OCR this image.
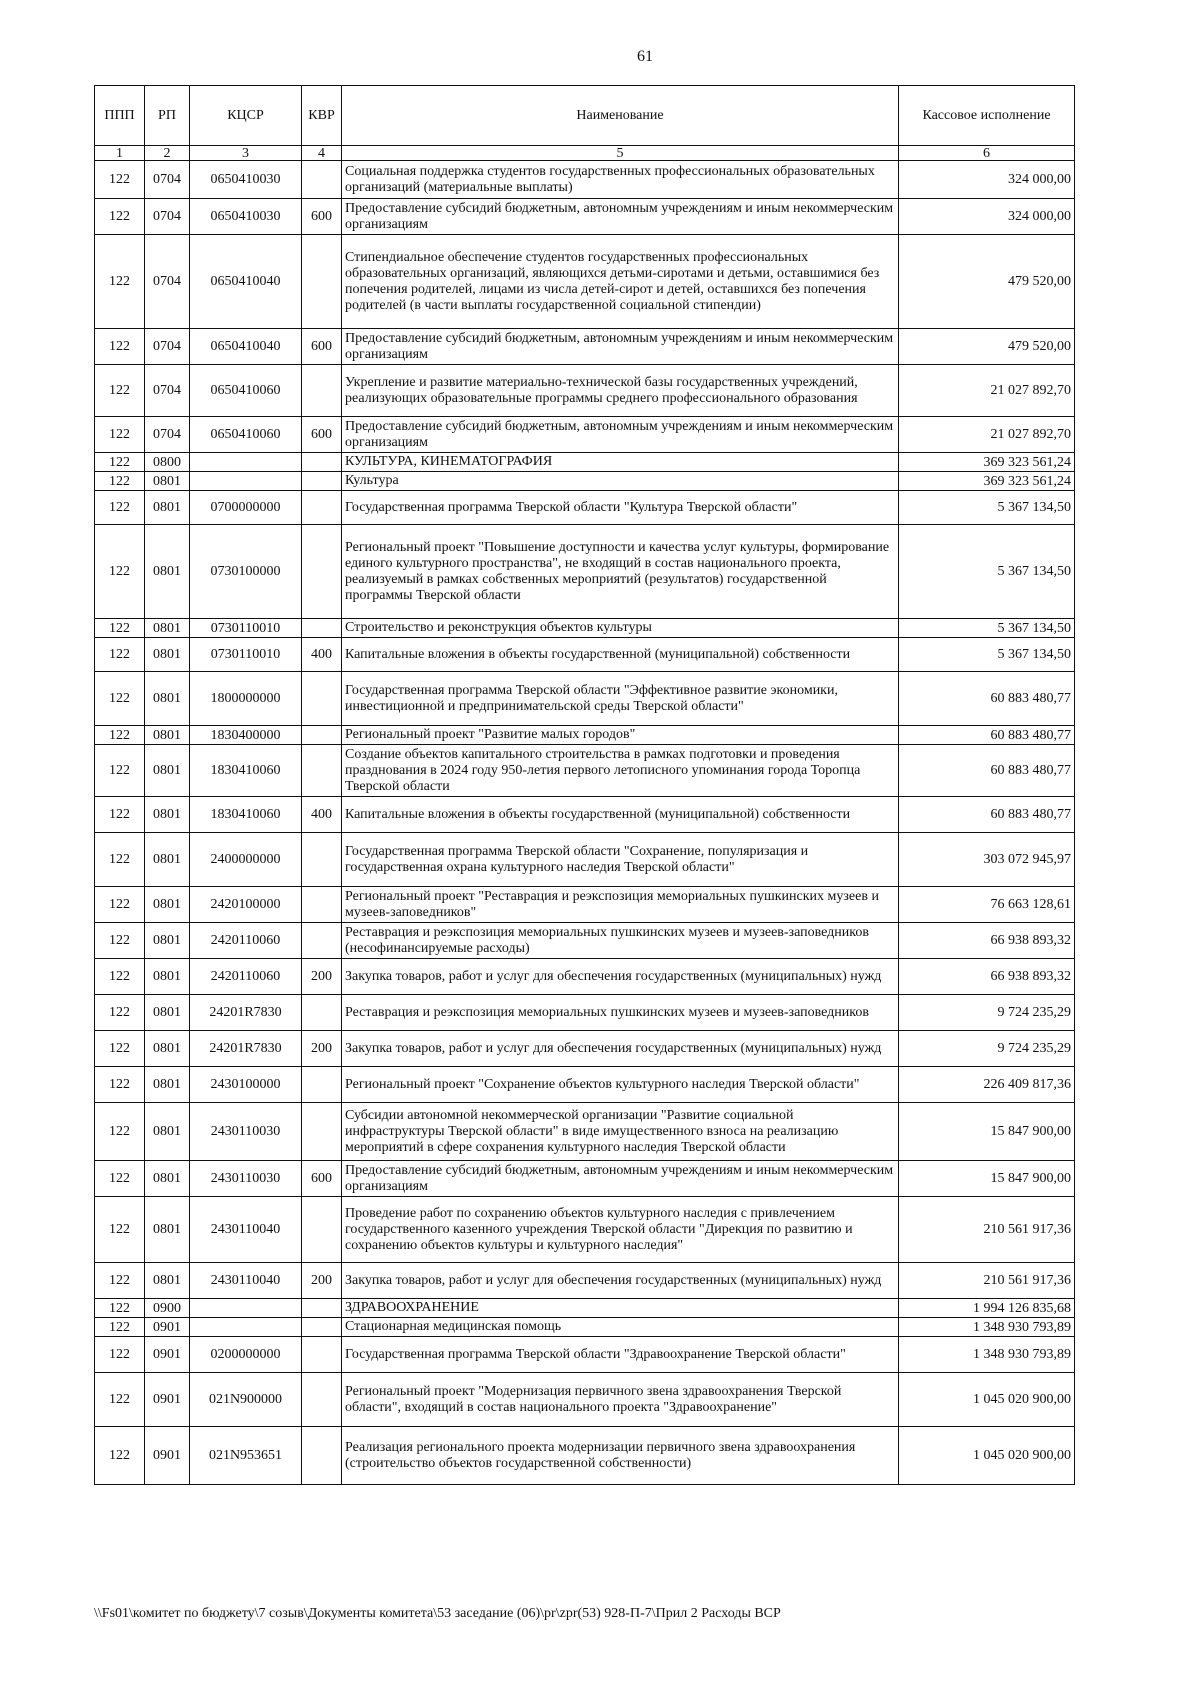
61
ППП	РП	КЦСР	КВР	Наименование	Кассовое исполнение
1	2	3	4	5	6
122	0704	0650410030		Социальная поддержка студентов государственных профессиональных образовательных организаций (материальные выплаты)	324 000,00
122	0704	0650410030	600	Предоставление субсидий бюджетным, автономным учреждениям и иным некоммерческим организациям	324 000,00
122	0704	0650410040		Стипендиальное обеспечение студентов государственных профессиональных образовательных организаций, являющихся детьми-сиротами и детьми, оставшимися без попечения родителей, лицами из числа детей-сирот и детей, оставшихся без попечения родителей (в части выплаты государственной социальной стипендии)	479 520,00
122	0704	0650410040	600	Предоставление субсидий бюджетным, автономным учреждениям и иным некоммерческим организациям	479 520,00
122	0704	0650410060		Укрепление и развитие материально-технической базы государственных учреждений, реализующих образовательные программы среднего профессионального образования	21 027 892,70
122	0704	0650410060	600	Предоставление субсидий бюджетным, автономным учреждениям и иным некоммерческим организациям	21 027 892,70
122	0800			КУЛЬТУРА, КИНЕМАТОГРАФИЯ	369 323 561,24
122	0801			Культура	369 323 561,24
122	0801	0700000000		Государственная программа Тверской области "Культура Тверской области"	5 367 134,50
122	0801	0730100000		Региональный проект "Повышение доступности и качества услуг культуры, формирование единого культурного пространства", не входящий в состав национального проекта, реализуемый в рамках собственных мероприятий (результатов) государственной программы Тверской области	5 367 134,50
122	0801	0730110010		Строительство и реконструкция объектов культуры	5 367 134,50
122	0801	0730110010	400	Капитальные вложения в объекты государственной (муниципальной) собственности	5 367 134,50
122	0801	1800000000		Государственная программа Тверской области "Эффективное развитие экономики, инвестиционной и предпринимательской среды Тверской области"	60 883 480,77
122	0801	1830400000		Региональный проект "Развитие малых городов"	60 883 480,77
122	0801	1830410060		Создание объектов капитального строительства в рамках подготовки и проведения празднования в 2024 году 950-летия первого летописного упоминания города Торопца Тверской области	60 883 480,77
122	0801	1830410060	400	Капитальные вложения в объекты государственной (муниципальной) собственности	60 883 480,77
122	0801	2400000000		Государственная программа Тверской области "Сохранение, популяризация и государственная охрана культурного наследия Тверской области"	303 072 945,97
122	0801	2420100000		Региональный проект "Реставрация и реэкспозиция мемориальных пушкинских музеев и музеев-заповедников"	76 663 128,61
122	0801	2420110060		Реставрация и реэкспозиция мемориальных пушкинских музеев и музеев-заповедников (несофинансируемые расходы)	66 938 893,32
122	0801	2420110060	200	Закупка товаров, работ и услуг для обеспечения государственных (муниципальных) нужд	66 938 893,32
122	0801	24201R7830		Реставрация и реэкспозиция мемориальных пушкинских музеев и музеев-заповедников	9 724 235,29
122	0801	24201R7830	200	Закупка товаров, работ и услуг для обеспечения государственных (муниципальных) нужд	9 724 235,29
122	0801	2430100000		Региональный проект "Сохранение объектов культурного наследия Тверской области"	226 409 817,36
122	0801	2430110030		Субсидии автономной некоммерческой организации "Развитие социальной инфраструктуры Тверской области" в виде имущественного взноса на реализацию мероприятий в сфере сохранения культурного наследия Тверской области	15 847 900,00
122	0801	2430110030	600	Предоставление субсидий бюджетным, автономным учреждениям и иным некоммерческим организациям	15 847 900,00
122	0801	2430110040		Проведение работ по сохранению объектов культурного наследия с привлечением государственного казенного учреждения Тверской области "Дирекция по развитию и сохранению объектов культуры и культурного наследия"	210 561 917,36
122	0801	2430110040	200	Закупка товаров, работ и услуг для обеспечения государственных (муниципальных) нужд	210 561 917,36
122	0900			ЗДРАВООХРАНЕНИЕ	1 994 126 835,68
122	0901			Стационарная медицинская помощь	1 348 930 793,89
122	0901	0200000000		Государственная программа Тверской области "Здравоохранение Тверской области"	1 348 930 793,89
122	0901	021N900000		Региональный проект "Модернизация первичного звена здравоохранения Тверской области", входящий в состав национального проекта "Здравоохранение"	1 045 020 900,00
122	0901	021N953651		Реализация регионального проекта модернизации первичного звена здравоохранения (строительство объектов государственной собственности)	1 045 020 900,00
\\Fs01\комитет по бюджету\7 созыв\Документы комитета\53 заседание (06)\pr\zpr(53) 928-П-7\Прил 2 Расходы ВСР
